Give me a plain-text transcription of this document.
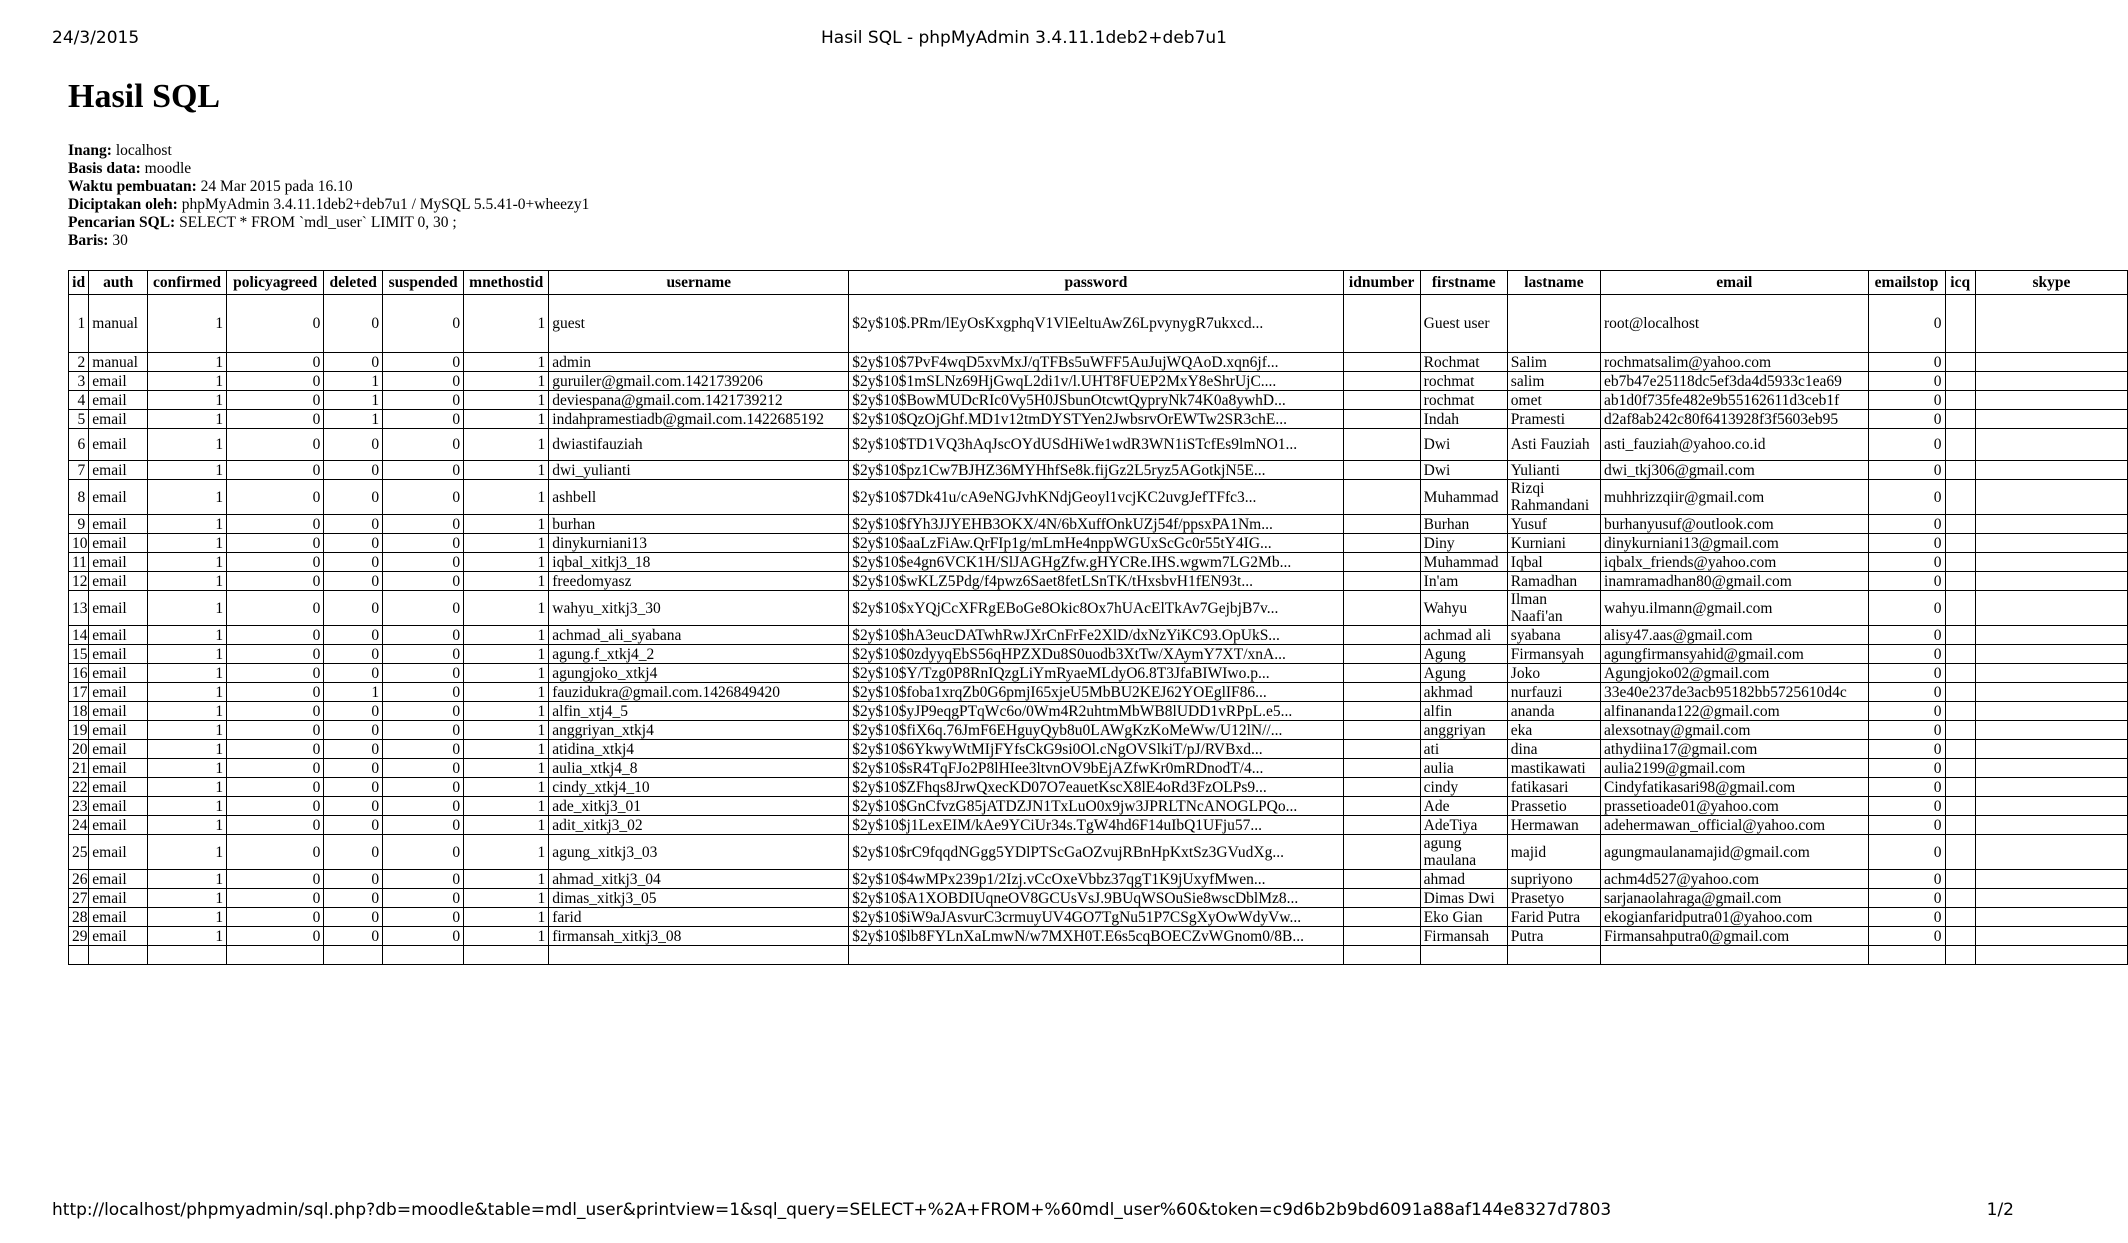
24/3/2015	Hasil SQL - phpMyAdmin 3.4.11.1deb2+deb7u1
Hasil SQL
Inang: localhost
Basis data: moodle
Waktu pembuatan: 24 Mar 2015 pada 16.10
Diciptakan oleh: phpMyAdmin 3.4.11.1deb2+deb7u1 / MySQL 5.5.41-0+wheezy1
Pencarian SQL: SELECT * FROM `mdl_user` LIMIT 0, 30 ;
Baris: 30
id	auth	confirmed	policyagreed	deleted	suspended	mnethostid	username	password	idnumber	firstname	lastname	email	emailstop	icq	skype
1	manual	1	0	0	0	1	guest	$2y$10$.PRm/lEyOsKxgphqV1VlEeltuAwZ6LpvynygR7ukxcd...		Guest user		root@localhost	0		
2	manual	1	0	0	0	1	admin	$2y$10$7PvF4wqD5xvMxJ/qTFBs5uWFF5AuJujWQAoD.xqn6jf...		Rochmat	Salim	rochmatsalim@yahoo.com	0		
3	email	1	0	1	0	1	guruiler@gmail.com.1421739206	$2y$10$1mSLNz69HjGwqL2di1v/l.UHT8FUEP2MxY8eShrUjC....		rochmat	salim	eb7b47e25118dc5ef3da4d5933c1ea69	0		
4	email	1	0	1	0	1	deviespana@gmail.com.1421739212	$2y$10$BowMUDcRIc0Vy5H0JSbunOtcwtQypryNk74K0a8ywhD...		rochmat	omet	ab1d0f735fe482e9b55162611d3ceb1f	0		
5	email	1	0	1	0	1	indahpramestiadb@gmail.com.1422685192	$2y$10$QzOjGhf.MD1v12tmDYSTYen2JwbsrvOrEWTw2SR3chE...		Indah	Pramesti	d2af8ab242c80f6413928f3f5603eb95	0		
6	email	1	0	0	0	1	dwiastifauziah	$2y$10$TD1VQ3hAqJscOYdUSdHiWe1wdR3WN1iSTcfEs9lmNO1...		Dwi	Asti Fauziah	asti_fauziah@yahoo.co.id	0		
7	email	1	0	0	0	1	dwi_yulianti	$2y$10$pz1Cw7BJHZ36MYHhfSe8k.fijGz2L5ryz5AGotkjN5E...		Dwi	Yulianti	dwi_tkj306@gmail.com	0		
8	email	1	0	0	0	1	ashbell	$2y$10$7Dk41u/cA9eNGJvhKNdjGeoyl1vcjKC2uvgJefTFfc3...		Muhammad	Rizqi Rahmandani	muhhrizzqiir@gmail.com	0		
9	email	1	0	0	0	1	burhan	$2y$10$fYh3JJYEHB3OKX/4N/6bXuffOnkUZj54f/ppsxPA1Nm...		Burhan	Yusuf	burhanyusuf@outlook.com	0		
10	email	1	0	0	0	1	dinykurniani13	$2y$10$aaLzFiAw.QrFIp1g/mLmHe4nppWGUxScGc0r55tY4IG...		Diny	Kurniani	dinykurniani13@gmail.com	0		
11	email	1	0	0	0	1	iqbal_xitkj3_18	$2y$10$e4gn6VCK1H/SlJAGHgZfw.gHYCRe.IHS.wgwm7LG2Mb...		Muhammad	Iqbal	iqbalx_friends@yahoo.com	0		
12	email	1	0	0	0	1	freedomyasz	$2y$10$wKLZ5Pdg/f4pwz6Saet8fetLSnTK/tHxsbvH1fEN93t...		In'am	Ramadhan	inamramadhan80@gmail.com	0		
13	email	1	0	0	0	1	wahyu_xitkj3_30	$2y$10$xYQjCcXFRgEBoGe8Okic8Ox7hUAcElTkAv7GejbjB7v...		Wahyu	Ilman Naafi'an	wahyu.ilmann@gmail.com	0		
14	email	1	0	0	0	1	achmad_ali_syabana	$2y$10$hA3eucDATwhRwJXrCnFrFe2XlD/dxNzYiKC93.OpUkS...		achmad ali	syabana	alisy47.aas@gmail.com	0		
15	email	1	0	0	0	1	agung.f_xtkj4_2	$2y$10$0zdyyqEbS56qHPZXDu8S0uodb3XtTw/XAymY7XT/xnA...		Agung	Firmansyah	agungfirmansyahid@gmail.com	0		
16	email	1	0	0	0	1	agungjoko_xtkj4	$2y$10$Y/Tzg0P8RnIQzgLiYmRyaeMLdyO6.8T3JfaBIWIwo.p...		Agung	Joko	Agungjoko02@gmail.com	0		
17	email	1	0	1	0	1	fauzidukra@gmail.com.1426849420	$2y$10$foba1xrqZb0G6pmjI65xjeU5MbBU2KEJ62YOEglIF86...		akhmad	nurfauzi	33e40e237de3acb95182bb5725610d4c	0		
18	email	1	0	0	0	1	alfin_xtj4_5	$2y$10$yJP9eqgPTqWc6o/0Wm4R2uhtmMbWB8lUDD1vRPpL.e5...		alfin	ananda	alfinananda122@gmail.com	0		
19	email	1	0	0	0	1	anggriyan_xtkj4	$2y$10$fiX6q.76JmF6EHguyQyb8u0LAWgKzKoMeWw/U12lN//...		anggriyan	eka	alexsotnay@gmail.com	0		
20	email	1	0	0	0	1	atidina_xtkj4	$2y$10$6YkwyWtMIjFYfsCkG9si0Ol.cNgOVSlkiT/pJ/RVBxd...		ati	dina	athydiina17@gmail.com	0		
21	email	1	0	0	0	1	aulia_xtkj4_8	$2y$10$sR4TqFJo2P8lHIee3ltvnOV9bEjAZfwKr0mRDnodT/4...		aulia	mastikawati	aulia2199@gmail.com	0		
22	email	1	0	0	0	1	cindy_xtkj4_10	$2y$10$ZFhqs8JrwQxecKD07O7eauetKscX8lE4oRd3FzOLPs9...		cindy	fatikasari	Cindyfatikasari98@gmail.com	0		
23	email	1	0	0	0	1	ade_xitkj3_01	$2y$10$GnCfvzG85jATDZJN1TxLuO0x9jw3JPRLTNcANOGLPQo...		Ade	Prassetio	prassetioade01@yahoo.com	0		
24	email	1	0	0	0	1	adit_xitkj3_02	$2y$10$j1LexEIM/kAe9YCiUr34s.TgW4hd6F14uIbQ1UFju57...		AdeTiya	Hermawan	adehermawan_official@yahoo.com	0		
25	email	1	0	0	0	1	agung_xitkj3_03	$2y$10$rC9fqqdNGgg5YDlPTScGaOZvujRBnHpKxtSz3GVudXg...		agung maulana	majid	agungmaulanamajid@gmail.com	0		
26	email	1	0	0	0	1	ahmad_xitkj3_04	$2y$10$4wMPx239p1/2Izj.vCcOxeVbbz37qgT1K9jUxyfMwen...		ahmad	supriyono	achm4d527@yahoo.com	0		
27	email	1	0	0	0	1	dimas_xitkj3_05	$2y$10$A1XOBDIUqneOV8GCUsVsJ.9BUqWSOuSie8wscDblMz8...		Dimas Dwi	Prasetyo	sarjanaolahraga@gmail.com	0		
28	email	1	0	0	0	1	farid	$2y$10$iW9aJAsvurC3crmuyUV4GO7TgNu51P7CSgXyOwWdyVw...		Eko Gian	Farid Putra	ekogianfaridputra01@yahoo.com	0		
29	email	1	0	0	0	1	firmansah_xitkj3_08	$2y$10$lb8FYLnXaLmwN/w7MXH0T.E6s5cqBOECZvWGnom0/8B...		Firmansah	Putra	Firmansahputra0@gmail.com	0		

http://localhost/phpmyadmin/sql.php?db=moodle&table=mdl_user&printview=1&sql_query=SELECT+%2A+FROM+%60mdl_user%60&token=c9d6b2b9bd6091a88af144e8327d7803	1/2
